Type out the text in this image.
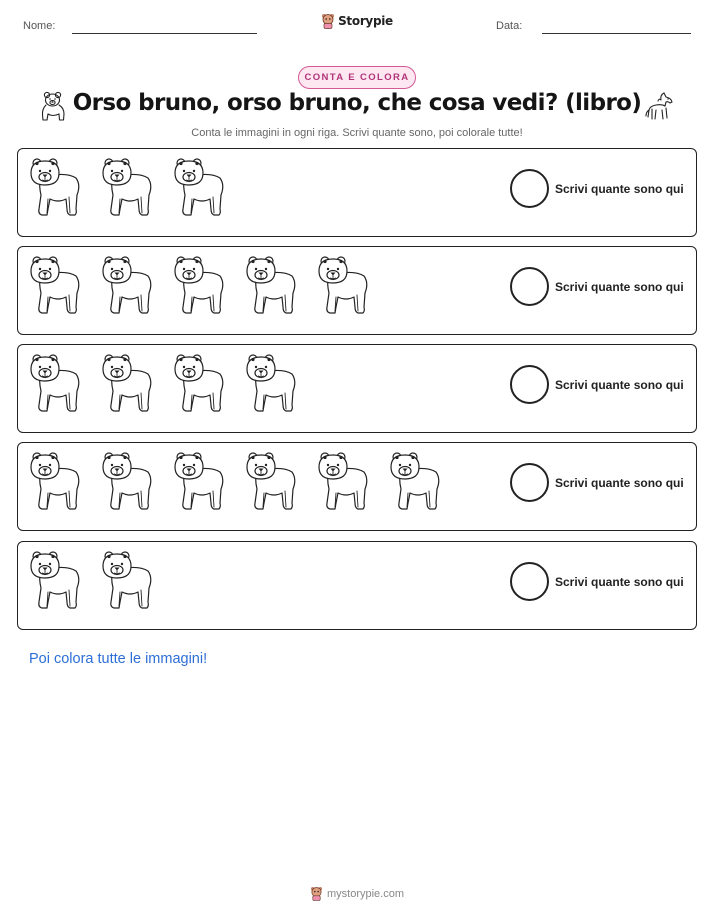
Nome:	Storypie	Data:
CONTA E COLORA
Orso bruno, orso bruno, che cosa vedi? (libro)
Conta le immagini in ogni riga. Scrivi quante sono, poi colorale tutte!
Scrivi quante sono qui
Scrivi quante sono qui
Scrivi quante sono qui
Scrivi quante sono qui
Scrivi quante sono qui
Poi colora tutte le immagini!
mystorypie.com
